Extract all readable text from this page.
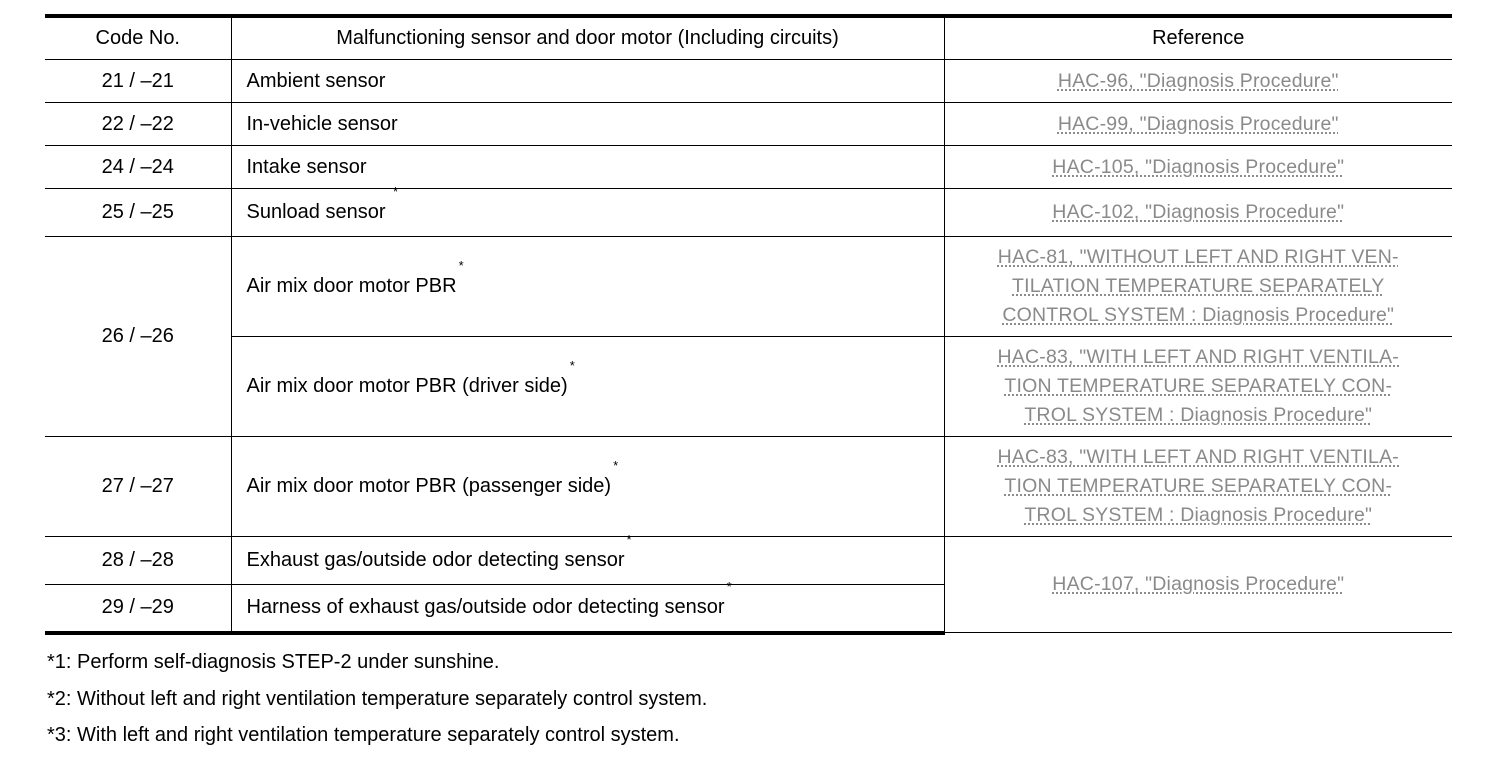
Code No.	Malfunctioning sensor and door motor (Including circuits)	Reference
21 / –21	Ambient sensor	HAC-96, "Diagnosis Procedure"

22 / –22	In-vehicle sensor	HAC-99, "Diagnosis Procedure"

24 / –24	Intake sensor	HAC-105, "Diagnosis Procedure"

25 / –25	Sunload sensor *	HAC-102, "Diagnosis Procedure"

26 / –26	Air mix door motor PBR*	HAC-81, "WITHOUT LEFT AND RIGHT VEN-
TILATION TEMPERATURE SEPARATELY
CONTROL SYSTEM : Diagnosis Procedure"

	Air mix door motor PBR (driver side)*	HAC-83, "WITH LEFT AND RIGHT VENTILA-
TION TEMPERATURE SEPARATELY CON-
TROL SYSTEM : Diagnosis Procedure"

27 / –27	Air mix door motor PBR (passenger side)*	HAC-83, "WITH LEFT AND RIGHT VENTILA-
TION TEMPERATURE SEPARATELY CON-
TROL SYSTEM : Diagnosis Procedure"

28 / –28	Exhaust gas/outside odor detecting sensor*	HAC-107, "Diagnosis Procedure"

29 / –29	Harness of exhaust gas/outside odor detecting sensor*

*1: Perform self-diagnosis STEP-2 under sunshine.

*2: Without left and right ventilation temperature separately control system.

*3: With left and right ventilation temperature separately control system.
